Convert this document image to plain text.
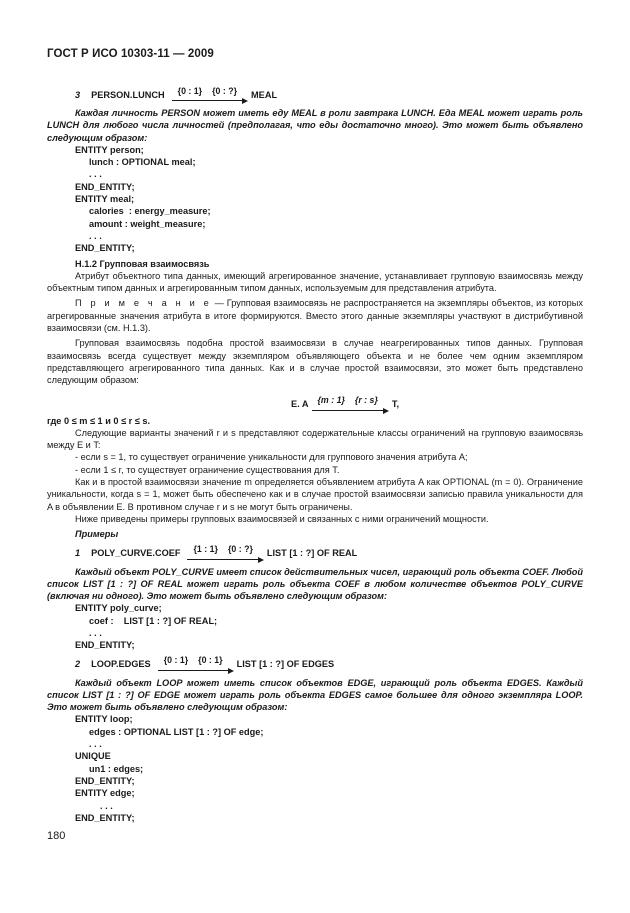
ГОСТ Р ИСО 10303-11 — 2009
3 PERSON.LUNCH {0 : 1} {0 : ?} MEAL

Каждая личность PERSON может иметь еду MEAL в роли завтрака LUNCH. Еда MEAL может играть роль LUNCH для любого числа личностей (предполагая, что еды достаточно много). Это может быть объявлено следующим образом:

ENTITY person;
lunch : OPTIONAL meal;
. . .
END_ENTITY;
ENTITY meal;
calories  : energy_measure;
amount : weight_measure;
. . .
END_ENTITY;

H.1.2 Групповая взаимосвязь

Атрибут объектного типа данных, имеющий агрегированное значение, устанавливает групповую взаимосвязь между объектным типом данных и агрегированным типом данных, используемым для представления атрибута.

П р и м е ч а н и е — Групповая взаимосвязь не распространяется на экземпляры объектов, из которых агрегированные значения атрибута в итоге формируются. Вместо этого данные экземпляры участвуют в дистрибутивной взаимосвязи (см. H.1.3).

Групповая взаимосвязь подобна простой взаимосвязи в случае неагрегированных типов данных. Групповая взаимосвязь всегда существует между экземпляром объявляющего объекта и не более чем одним экземпляром представляющего агрегированного типа данных. Как и в случае простой взаимосвязи, это может быть представлено следующим образом:

E. A {m : 1} {r : s} T,

где 0 ≤ m ≤ 1 и 0 ≤ r ≤ s.

Следующие варианты значений r и s представляют содержательные классы ограничений на групповую взаимосвязь между E и T:

- если s = 1, то существует ограничение уникальности для группового значения атрибута A;

- если 1 ≤ r, то существует ограничение существования для T.

Как и в простой взаимосвязи значение m определяется объявлением атрибута A как OPTIONAL (m = 0). Ограничение уникальности, когда s = 1, может быть обеспечено как и в случае простой взаимосвязи записью правила уникальности для A в объявлении E. В противном случае r и s не могут быть ограничены.

Ниже приведены примеры групповых взаимосвязей и связанных с ними ограничений мощности.

Примеры

1 POLY_CURVE.COEF {1 : 1} {0 : ?} LIST [1 : ?] OF REAL

Каждый объект POLY_CURVE имеет список действительных чисел, играющий роль объекта COEF. Любой список LIST [1 : ?] OF REAL может играть роль объекта COEF в любом количестве объектов POLY_CURVE (включая ни одного). Это может быть объявлено следующим образом:

ENTITY poly_curve;
coef :    LIST [1 : ?] OF REAL;
. . .
END_ENTITY;
2 LOOP.EDGES {0 : 1} {0 : 1} LIST [1 : ?] OF EDGES

Каждый объект LOOP может иметь список объектов EDGE, играющий роль объекта EDGES. Каждый список LIST [1 : ?] OF EDGE может играть роль объекта EDGES самое большее для одного экземпляра LOOP. Это может быть объявлено следующим образом:

ENTITY loop;
edges : OPTIONAL LIST [1 : ?] OF edge;
. . .
UNIQUE
un1 : edges;
END_ENTITY;
ENTITY edge;
. . .
END_ENTITY;
180
